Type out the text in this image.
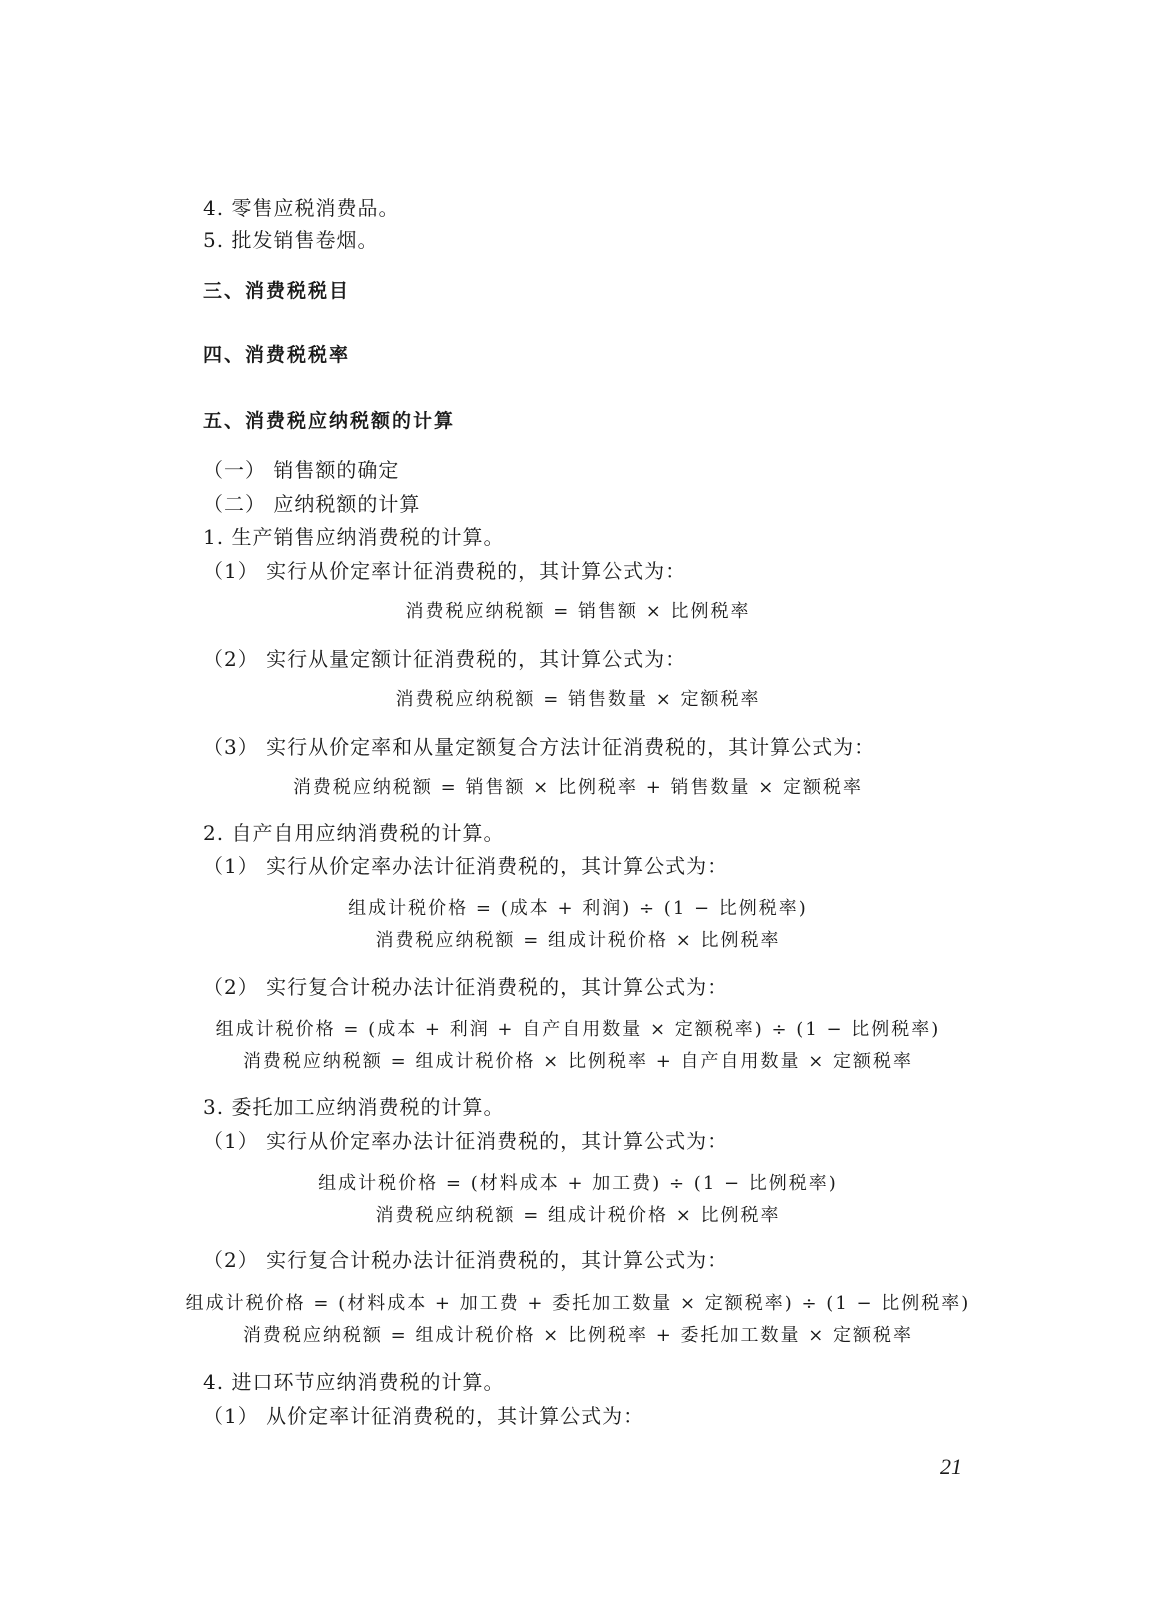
4. 零售应税消费品。
5. 批发销售卷烟。
三、消费税税目
四、消费税税率
五、消费税应纳税额的计算
（一） 销售额的确定
（二） 应纳税额的计算
1. 生产销售应纳消费税的计算。
（1） 实行从价定率计征消费税的，其计算公式为：
消费税应纳税额 = 销售额 × 比例税率
（2） 实行从量定额计征消费税的，其计算公式为：
消费税应纳税额 = 销售数量 × 定额税率
（3） 实行从价定率和从量定额复合方法计征消费税的，其计算公式为：
消费税应纳税额 = 销售额 × 比例税率 + 销售数量 × 定额税率
2. 自产自用应纳消费税的计算。
（1） 实行从价定率办法计征消费税的，其计算公式为：
组成计税价格 = (成本 + 利润) ÷ (1 − 比例税率)
消费税应纳税额 = 组成计税价格 × 比例税率
（2） 实行复合计税办法计征消费税的，其计算公式为：
组成计税价格 = (成本 + 利润 + 自产自用数量 × 定额税率) ÷ (1 − 比例税率)
消费税应纳税额 = 组成计税价格 × 比例税率 + 自产自用数量 × 定额税率
3. 委托加工应纳消费税的计算。
（1） 实行从价定率办法计征消费税的，其计算公式为：
组成计税价格 = (材料成本 + 加工费) ÷ (1 − 比例税率)
消费税应纳税额 = 组成计税价格 × 比例税率
（2） 实行复合计税办法计征消费税的，其计算公式为：
组成计税价格 = (材料成本 + 加工费 + 委托加工数量 × 定额税率) ÷ (1 − 比例税率)
消费税应纳税额 = 组成计税价格 × 比例税率 + 委托加工数量 × 定额税率
4. 进口环节应纳消费税的计算。
（1） 从价定率计征消费税的，其计算公式为：
21
